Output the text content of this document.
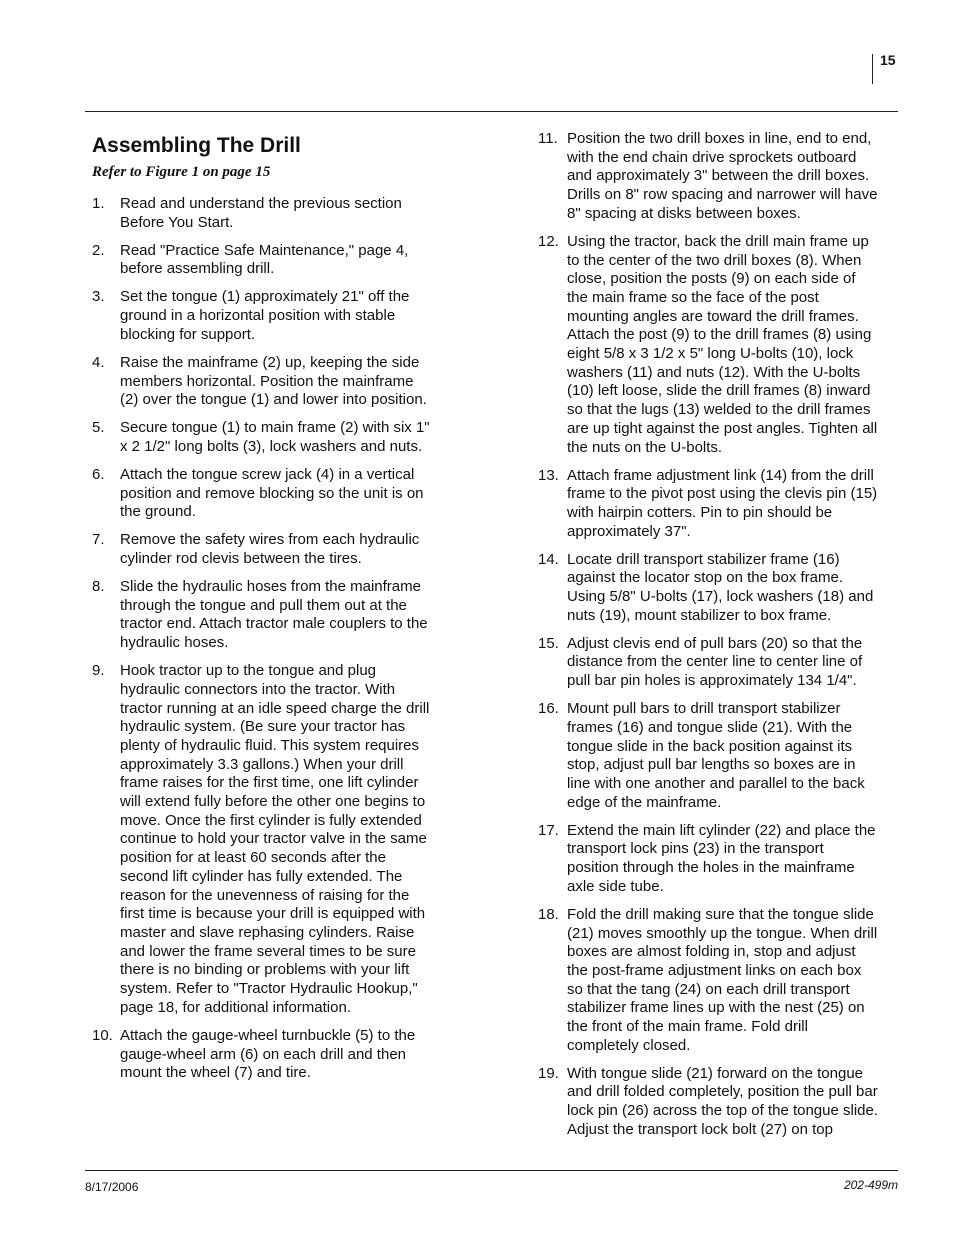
15
Assembling The Drill
Refer to Figure 1 on page 15
1. Read and understand the previous section Before You Start.
2. Read "Practice Safe Maintenance," page 4, before assembling drill.
3. Set the tongue (1) approximately 21" off the ground in a horizontal position with stable blocking for support.
4. Raise the mainframe (2) up, keeping the side members horizontal. Position the mainframe (2) over the tongue (1) and lower into position.
5. Secure tongue (1) to main frame (2) with six 1" x 2 1/2" long bolts (3), lock washers and nuts.
6. Attach the tongue screw jack (4) in a vertical position and remove blocking so the unit is on the ground.
7. Remove the safety wires from each hydraulic cylinder rod clevis between the tires.
8. Slide the hydraulic hoses from the mainframe through the tongue and pull them out at the tractor end. Attach tractor male couplers to the hydraulic hoses.
9. Hook tractor up to the tongue and plug hydraulic connectors into the tractor. With tractor running at an idle speed charge the drill hydraulic system. (Be sure your tractor has plenty of hydraulic fluid. This system requires approximately 3.3 gallons.) When your drill frame raises for the first time, one lift cylinder will extend fully before the other one begins to move. Once the first cylinder is fully extended continue to hold your tractor valve in the same position for at least 60 seconds after the second lift cylinder has fully extended. The reason for the unevenness of raising for the first time is because your drill is equipped with master and slave rephasing cylinders. Raise and lower the frame several times to be sure there is no binding or problems with your lift system. Refer to "Tractor Hydraulic Hookup," page 18, for additional information.
10. Attach the gauge-wheel turnbuckle (5) to the gauge-wheel arm (6) on each drill and then mount the wheel (7) and tire.
11. Position the two drill boxes in line, end to end, with the end chain drive sprockets outboard and approximately 3" between the drill boxes. Drills on 8" row spacing and narrower will have 8" spacing at disks between boxes.
12. Using the tractor, back the drill main frame up to the center of the two drill boxes (8). When close, position the posts (9) on each side of the main frame so the face of the post mounting angles are toward the drill frames. Attach the post (9) to the drill frames (8) using eight 5/8 x 3 1/2 x 5" long U-bolts (10), lock washers (11) and nuts (12). With the U-bolts (10) left loose, slide the drill frames (8) inward so that the lugs (13) welded to the drill frames are up tight against the post angles. Tighten all the nuts on the U-bolts.
13. Attach frame adjustment link (14) from the drill frame to the pivot post using the clevis pin (15) with hairpin cotters. Pin to pin should be approximately 37".
14. Locate drill transport stabilizer frame (16) against the locator stop on the box frame. Using 5/8" U-bolts (17), lock washers (18) and nuts (19), mount stabilizer to box frame.
15. Adjust clevis end of pull bars (20) so that the distance from the center line to center line of pull bar pin holes is approximately 134 1/4".
16. Mount pull bars to drill transport stabilizer frames (16) and tongue slide (21). With the tongue slide in the back position against its stop, adjust pull bar lengths so boxes are in line with one another and parallel to the back edge of the mainframe.
17. Extend the main lift cylinder (22) and place the transport lock pins (23) in the transport position through the holes in the mainframe axle side tube.
18. Fold the drill making sure that the tongue slide (21) moves smoothly up the tongue. When drill boxes are almost folding in, stop and adjust the post-frame adjustment links on each box so that the tang (24) on each drill transport stabilizer frame lines up with the nest (25) on the front of the main frame. Fold drill completely closed.
19. With tongue slide (21) forward on the tongue and drill folded completely, position the pull bar lock pin (26) across the top of the tongue slide. Adjust the transport lock bolt (27) on top
8/17/2006	202-499m
